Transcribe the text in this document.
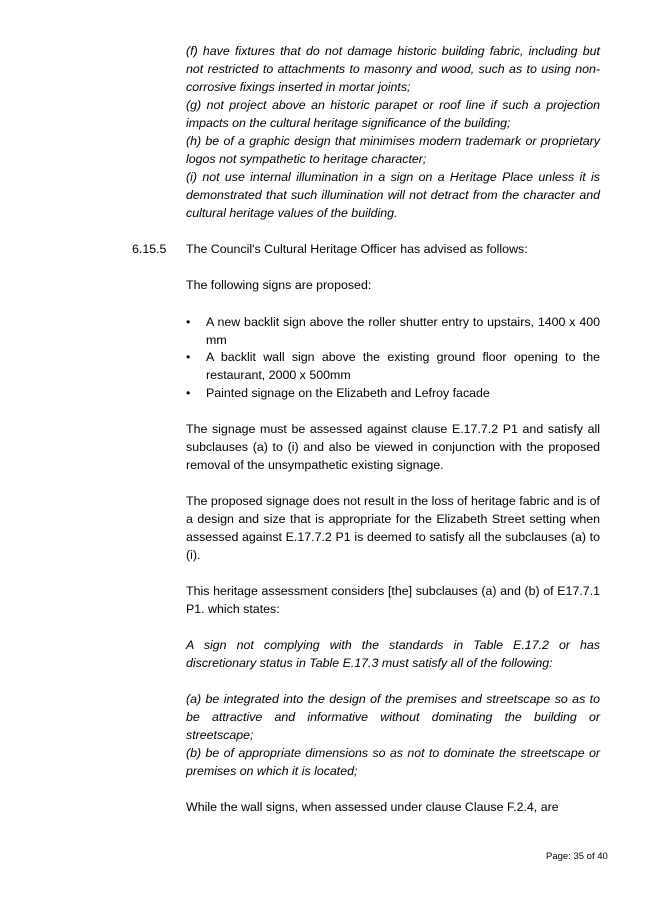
(f) have fixtures that do not damage historic building fabric, including but not restricted to attachments to masonry and wood, such as to using non-corrosive fixings inserted in mortar joints;

(g) not project above an historic parapet or roof line if such a projection impacts on the cultural heritage significance of the building;

(h) be of a graphic design that minimises modern trademark or proprietary logos not sympathetic to heritage character;

(i) not use internal illumination in a sign on a Heritage Place unless it is demonstrated that such illumination will not detract from the character and cultural heritage values of the building.

6.15.5 The Council's Cultural Heritage Officer has advised as follows:

The following signs are proposed:

•	A new backlit sign above the roller shutter entry to upstairs, 1400 x 400 mm
•	A backlit wall sign above the existing ground floor opening to the restaurant, 2000 x 500mm
•	Painted signage on the Elizabeth and Lefroy facade

The signage must be assessed against clause E.17.7.2 P1 and satisfy all subclauses (a) to (i) and also be viewed in conjunction with the proposed removal of the unsympathetic existing signage.

The proposed signage does not result in the loss of heritage fabric and is of a design and size that is appropriate for the Elizabeth Street setting when assessed against E.17.7.2 P1 is deemed to satisfy all the subclauses (a) to (i).

This heritage assessment considers [the] subclauses (a) and (b) of E17.7.1 P1. which states:

A sign not complying with the standards in Table E.17.2 or has discretionary status in Table E.17.3 must satisfy all of the following:

(a) be integrated into the design of the premises and streetscape so as to be attractive and informative without dominating the building or streetscape;

(b) be of appropriate dimensions so as not to dominate the streetscape or premises on which it is located;

While the wall signs, when assessed under clause Clause F.2.4, are

Page: 35 of 40
